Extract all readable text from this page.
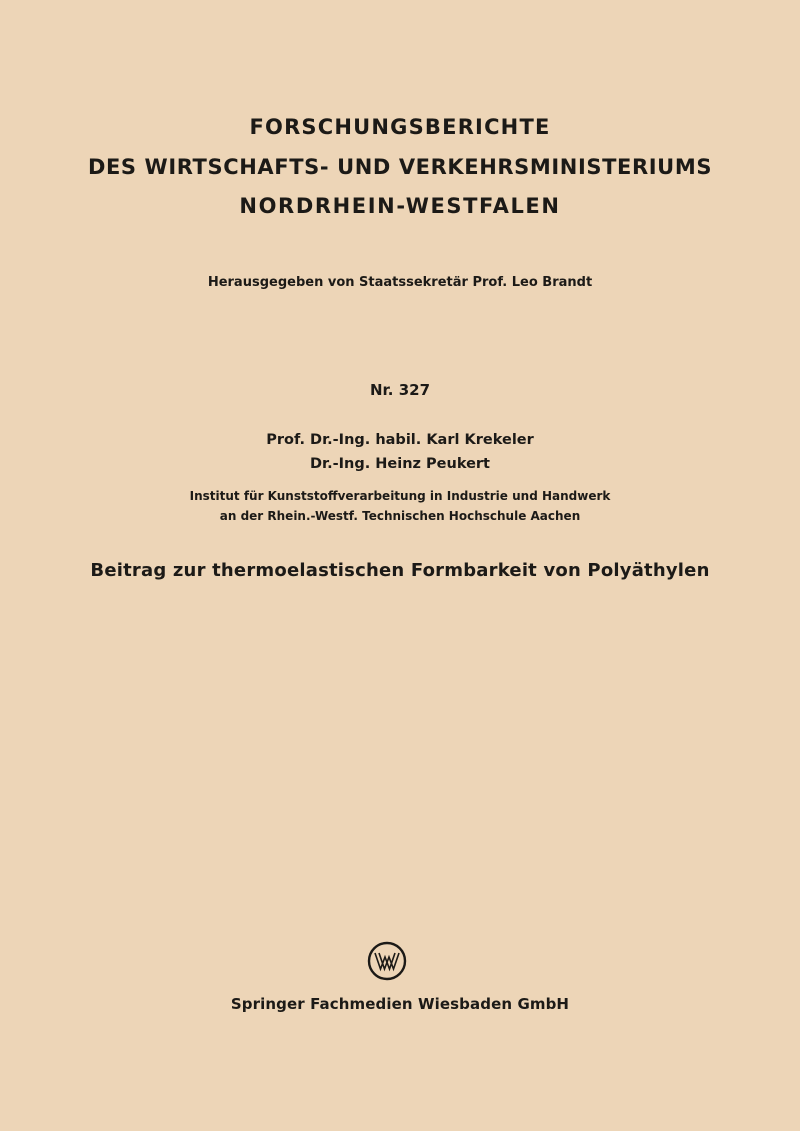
FORSCHUNGSBERICHTE
DES WIRTSCHAFTS- UND VERKEHRSMINISTERIUMS
NORDRHEIN-WESTFALEN
Herausgegeben von Staatssekretär Prof. Leo Brandt
Nr. 327
Prof. Dr.-Ing. habil. Karl Krekeler
Dr.-Ing. Heinz Peukert
Institut für Kunststoffverarbeitung in Industrie und Handwerk
an der Rhein.-Westf. Technischen Hochschule Aachen
Beitrag zur thermoelastischen Formbarkeit von Polyäthylen
Springer Fachmedien Wiesbaden GmbH
